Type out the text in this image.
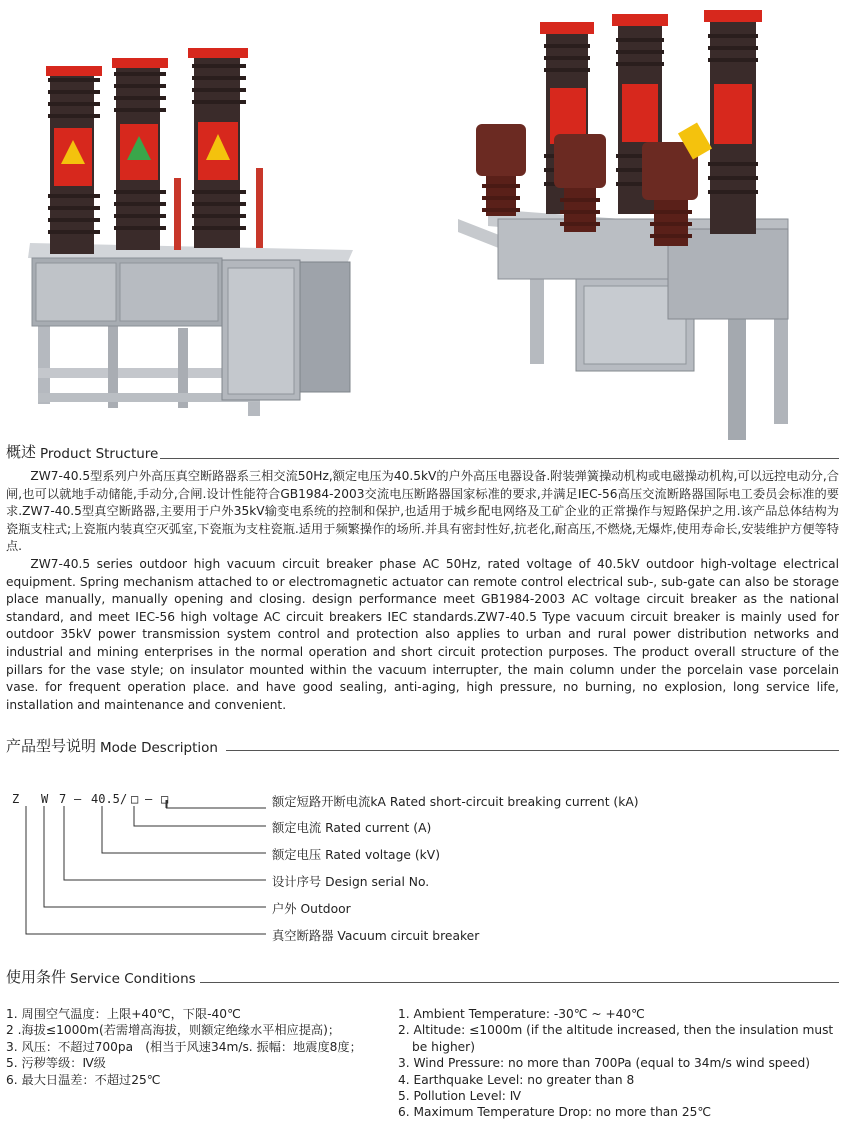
概述 Product Structure

ZW7-40.5型系列户外高压真空断路器系三相交流50Hz,额定电压为40.5kV的户外高压电器设备.附装弹簧操动机构或电磁操动机构,可以远控电动分,合闸,也可以就地手动储能,手动分,合闸.设计性能符合GB1984-2003交流电压断路器国家标准的要求,并满足IEC-56高压交流断路器国际电工委员会标准的要求.ZW7-40.5型真空断路器,主要用于户外35kV输变电系统的控制和保护,也适用于城乡配电网络及工矿企业的正常操作与短路保护之用.该产品总体结构为瓷瓶支柱式;上瓷瓶内装真空灭弧室,下瓷瓶为支柱瓷瓶.适用于频繁操作的场所.并具有密封性好,抗老化,耐高压,不燃烧,无爆炸,使用寿命长,安装维护方便等特点.

ZW7-40.5 series outdoor high vacuum circuit breaker phase AC 50Hz, rated voltage of 40.5kV outdoor high-voltage electrical equipment. Spring mechanism attached to or electromagnetic actuator can remote control electrical sub-, sub-gate can also be storage place manually, manually opening and closing. design performance meet GB1984-2003 AC voltage circuit breaker as the national standard, and meet IEC-56 high voltage AC circuit breakers IEC standards.ZW7-40.5 Type vacuum circuit breaker is mainly used for outdoor 35kV power transmission system control and protection also applies to urban and rural power distribution networks and industrial and mining enterprises in the normal operation and short circuit protection purposes. The product overall structure of the pillars for the vase style; on insulator mounted within the vacuum interrupter, the main column under the porcelain vase porcelain vase. for frequent operation place. and have good sealing, anti-aging, high pressure, no burning, no explosion, long service life, installation and maintenance and convenient.

产品型号说明 Mode Description
Z W 7 — 40.5 / □ — □	额定短路开断电流kA Rated short-circuit breaking current (kA)
额定电流 Rated current (A)
额定电压 Rated voltage (kV)
设计序号 Design serial No.
户外 Outdoor
真空断路器 Vacuum circuit breaker
使用条件 Service Conditions
1. 周围空气温度：上限+40℃，下限-40℃
2 .海拔≤1000m(若需增高海拔，则额定绝缘水平相应提高)；
3. 风压：不超过700pa　(相当于风速34m/s. 振幅：地震度8度；
5. 污秽等级：Ⅳ级
6. 最大日温差：不超过25℃
1. Ambient Temperature: -30℃ ~ +40℃
2. Altitude: ≤1000m (if the altitude increased, then the insulation must
be higher)
3. Wind Pressure: no more than 700Pa (equal to 34m/s wind speed)
4. Earthquake Level: no greater than 8
5. Pollution Level: Ⅳ
6. Maximum Temperature Drop: no more than 25℃
